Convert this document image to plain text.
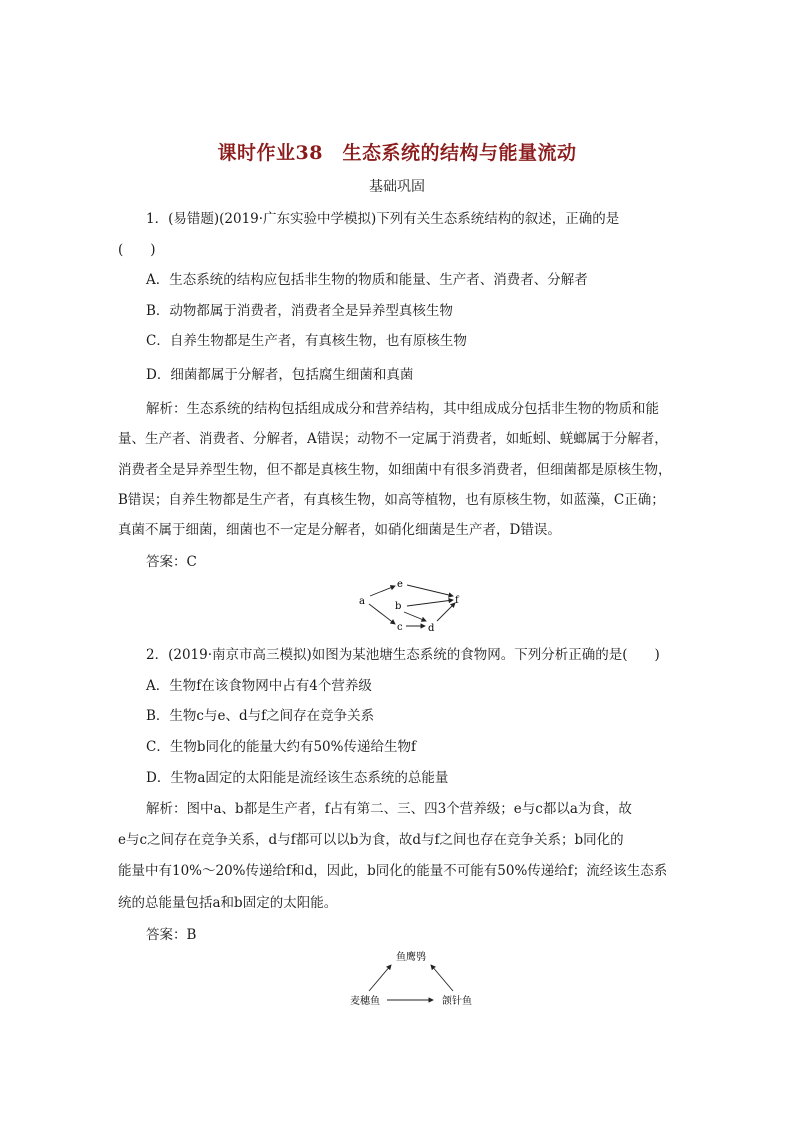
课时作业38　生态系统的结构与能量流动
基础巩固
1．(易错题)(2019·广东实验中学模拟)下列有关生态系统结构的叙述，正确的是
(　　)
A．生态系统的结构应包括非生物的物质和能量、生产者、消费者、分解者
B．动物都属于消费者，消费者全是异养型真核生物
C．自养生物都是生产者，有真核生物，也有原核生物
D．细菌都属于分解者，包括腐生细菌和真菌
解析：生态系统的结构包括组成成分和营养结构，其中组成成分包括非生物的物质和能
量、生产者、消费者、分解者，A错误；动物不一定属于消费者，如蚯蚓、蜣螂属于分解者，
消费者全是异养型生物，但不都是真核生物，如细菌中有很多消费者，但细菌都是原核生物，
B错误；自养生物都是生产者，有真核生物，如高等植物，也有原核生物，如蓝藻，C正确；
真菌不属于细菌，细菌也不一定是分解者，如硝化细菌是生产者，D错误。
答案：C
a
e
b
f
c	d
2．(2019·南京市高三模拟)如图为某池塘生态系统的食物网。下列分析正确的是(　　)
A．生物f在该食物网中占有4个营养级
B．生物c与e、d与f之间存在竞争关系
C．生物b同化的能量大约有50%传递给生物f
D．生物a固定的太阳能是流经该生态系统的总能量
解析：图中a、b都是生产者，f占有第二、三、四3个营养级；e与c都以a为食，故
e与c之间存在竞争关系，d与f都可以以b为食，故d与f之间也存在竞争关系；b同化的
能量中有10%～20%传递给f和d，因此，b同化的能量不可能有50%传递给f；流经该生态系
统的总能量包括a和b固定的太阳能。
答案：B
鱼鹰鸮
麦穗鱼	颌针鱼
